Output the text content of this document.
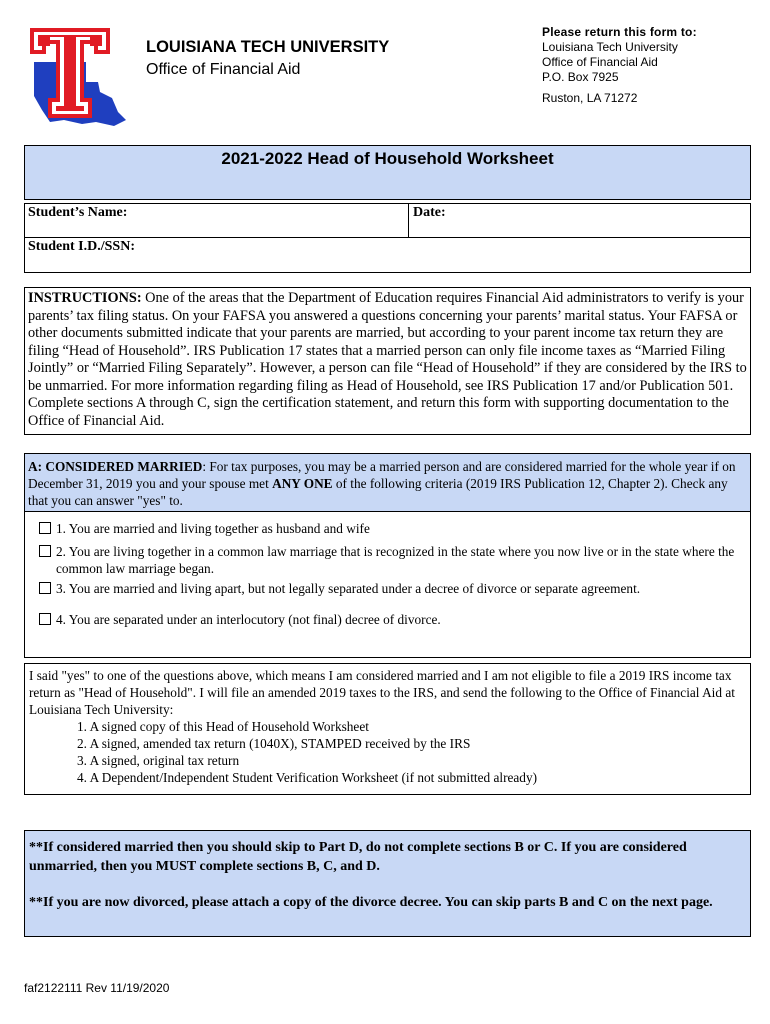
LOUISIANA TECH UNIVERSITY
Office of Financial Aid
Please return this form to:
Louisiana Tech University
Office of Financial Aid
P.O. Box 7925
Ruston, LA 71272
2021-2022 Head of Household Worksheet
Student’s Name:	Date:
Student I.D./SSN:
INSTRUCTIONS: One of the areas that the Department of Education requires Financial Aid administrators to verify is your parents’ tax filing status. On your FAFSA you answered a questions concerning your parents’ marital status. Your FAFSA or other documents submitted indicate that your parents are married, but according to your parent income tax return they are filing “Head of Household”. IRS Publication 17 states that a married person can only file income taxes as “Married Filing Jointly” or “Married Filing Separately”. However, a person can file “Head of Household” if they are considered by the IRS to be unmarried. For more information regarding filing as Head of Household, see IRS Publication 17 and/or Publication 501. Complete sections A through C, sign the certification statement, and return this form with supporting documentation to the Office of Financial Aid.
A: CONSIDERED MARRIED: For tax purposes, you may be a married person and are considered married for the whole year if on December 31, 2019 you and your spouse met ANY ONE of the following criteria (2019 IRS Publication 12, Chapter 2). Check any that you can answer "yes" to.
1. You are married and living together as husband and wife
2. You are living together in a common law marriage that is recognized in the state where you now live or in the state where the common law marriage began.
3. You are married and living apart, but not legally separated under a decree of divorce or separate agreement.
4. You are separated under an interlocutory (not final) decree of divorce.
I said "yes" to one of the questions above, which means I am considered married and I am not eligible to file a 2019 IRS income tax return as "Head of Household". I will file an amended 2019 taxes to the IRS, and send the following to the Office of Financial Aid at Louisiana Tech University:
1. A signed copy of this Head of Household Worksheet
2. A signed, amended tax return (1040X), STAMPED received by the IRS
3. A signed, original tax return
4. A Dependent/Independent Student Verification Worksheet (if not submitted already)

**If considered married then you should skip to Part D, do not complete sections B or C. If you are considered unmarried, then you MUST complete sections B, C, and D.

**If you are now divorced, please attach a copy of the divorce decree. You can skip parts B and C on the next page.

faf2122111 Rev 11/19/2020
